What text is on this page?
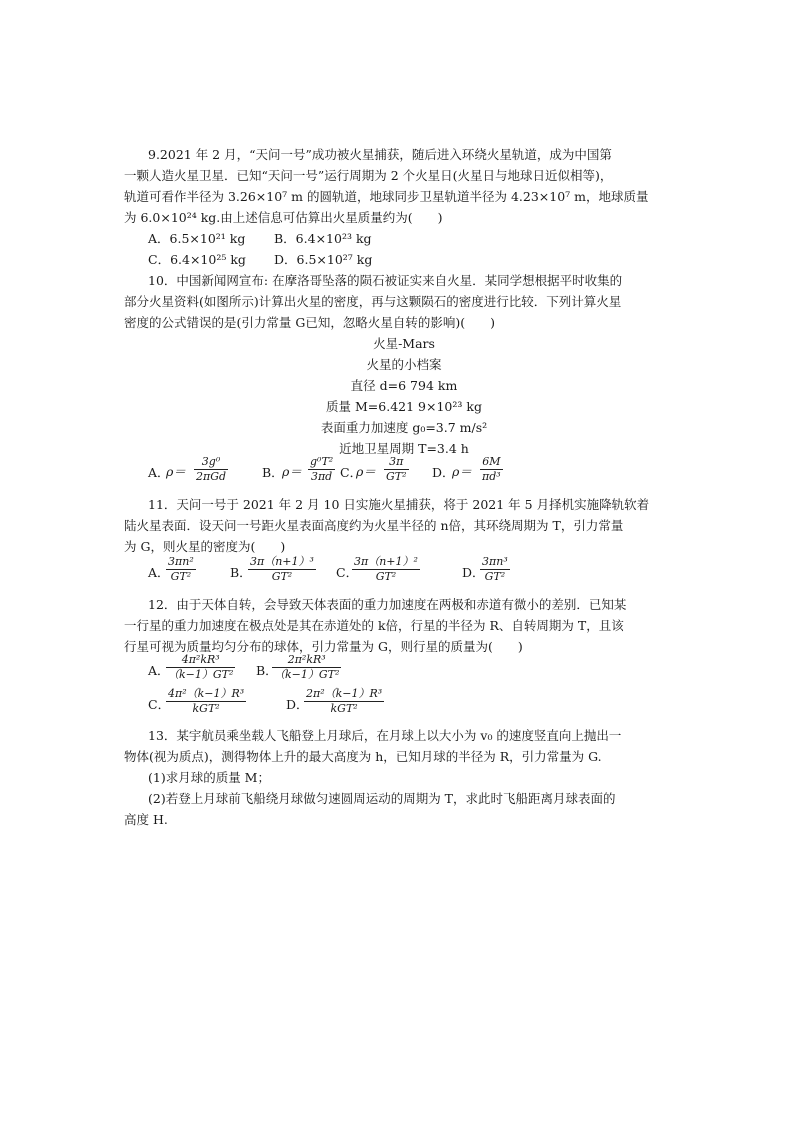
9.2021 年 2 月，“天问一号”成功被火星捕获，随后进入环绕火星轨道，成为中国第
一颗人造火星卫星．已知“天问一号”运行周期为 2 个火星日(火星日与地球日近似相等)，
轨道可看作半径为 3.26×10⁷ m 的圆轨道，地球同步卫星轨道半径为 4.23×10⁷ m，地球质量
为 6.0×10²⁴ kg.由上述信息可估算出火星质量约为(　　)
A．6.5×10²¹ kg B．6.4×10²³ kg
C．6.4×10²⁵ kg D．6.5×10²⁷ kg
10．中国新闻网宣布: 在摩洛哥坠落的陨石被证实来自火星．某同学想根据平时收集的
部分火星资料(如图所示)计算出火星的密度，再与这颗陨石的密度进行比较．下列计算火星
密度的公式错误的是(引力常量 G已知，忽略火星自转的影响)(　　)
火星-Mars
火星的小档案
直径 d=6 794 km
质量 M=6.421 9×10²³ kg
表面重力加速度 g₀=3.7 m/s²
近地卫星周期 T=3.4 h
A．
ρ＝
3g⁰
2πGd	B．
$\rho= \frac{\text{g⁰T²}}{3\pi d}$ C．
$\rho= \frac{3\pi}{\text{GT²}}$ D．
$\rho= \frac{6M}{\text{πd³}}$
11．天问一号于 2021 年 2 月 10 日实施火星捕获，将于 2021 年 5 月择机实施降轨软着
陆火星表面．设天问一号距火星表面高度约为火星半径的 n倍，其环绕周期为 T，引力常量
为 G，则火星的密度为(　　)
A．
$\frac{\text{3πn²}}{\text{GT²}}$	B．
$\frac{\text{3π（n+1）³}}{\text{GT²}}$ C．
$\frac{\text{3π（n+1）²}}{\text{GT²}}$	D．
$\frac{\text{3πn³}}{\text{GT²}}$
12．由于天体自转，会导致天体表面的重力加速度在两极和赤道有微小的差别．已知某
一行星的重力加速度在极点处是其在赤道处的 k倍，行星的半径为 R、自转周期为 T，且该
行星可视为质量均匀分布的球体，引力常量为 G，则行星的质量为(　　)
A．
$\frac{\text{4π²kR³}}{\text{（k−1）GT²}}$ B．
$\frac{\text{2π²kR³}}{\text{（k−1）GT²}}$
C．
4π²（k−1）R³
kGT²	D．
2π²（k−1）R³
kGT²
13．某宇航员乘坐载人飞船登上月球后，在月球上以大小为 v₀ 的速度竖直向上抛出一
物体(视为质点)，测得物体上升的最大高度为 h，已知月球的半径为 R，引力常量为 G.
(1)求月球的质量 M；
(2)若登上月球前飞船绕月球做匀速圆周运动的周期为 T，求此时飞船距离月球表面的
高度 H.
